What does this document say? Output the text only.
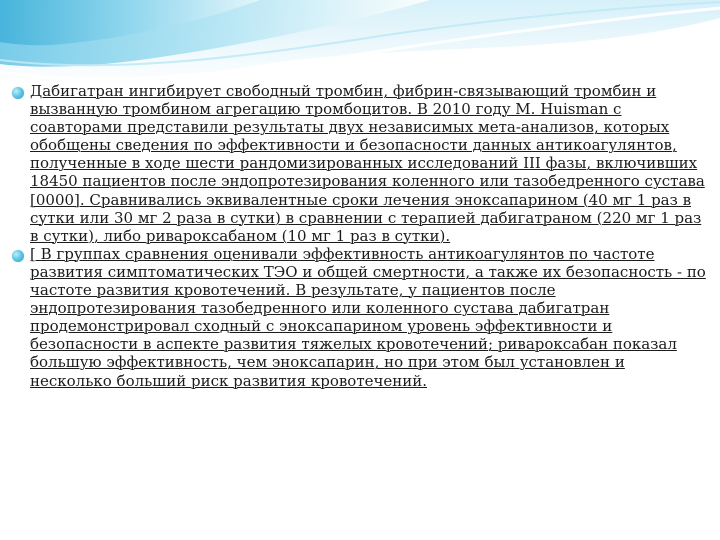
Дабигатран ингибирует свободный тромбин, фибрин-связывающий тромбин и вызванную тромбином агрегацию тромбоцитов. В 2010 году M. Huisman с соавторами представили результаты двух независимых мета-анализов, которых обобщены сведения по эффективности и безопасности данных антикоагулянтов, полученные в ходе шести рандомизированных исследований III фазы, включивших 18450 пациентов после эндопротезирования коленного или тазобедренного сустава [0000]. Сравнивались эквивалентные сроки лечения эноксапарином (40 мг 1 раз в сутки или 30 мг 2 раза в сутки) в сравнении с терапией дабигатраном (220 мг 1 раз в сутки), либо ривароксабаном (10 мг 1 раз в сутки).

[ В группах сравнения оценивали эффективность антикоагулянтов по частоте развития симптоматических ТЭО и общей смертности, а также их безопасность - по частоте развития кровотечений. В результате, у пациентов после эндопротезирования тазобедренного или коленного сустава дабигатран продемонстрировал сходный с эноксапарином уровень эффективности и безопасности в аспекте развития тяжелых кровотечений; ривароксабан показал большую эффективность, чем эноксапарин, но при этом был установлен и несколько больший риск развития кровотечений.
